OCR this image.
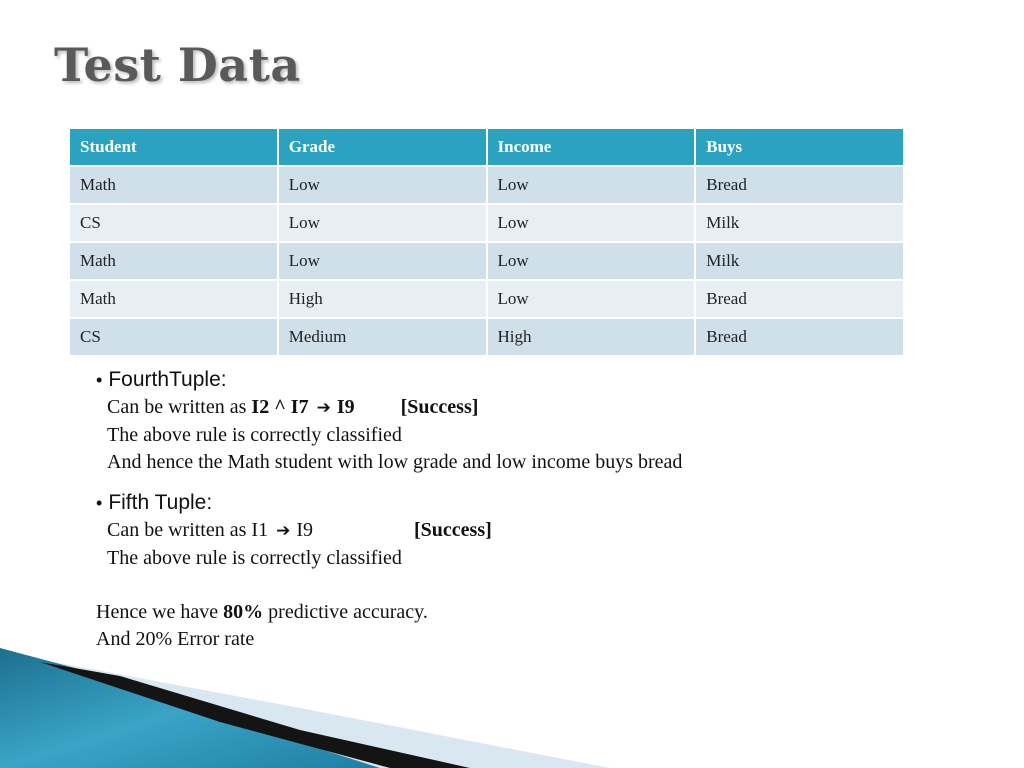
Test Data
Student	Grade	Income	Buys
Math	Low	Low	Bread
CS	Low	Low	Milk
Math	Low	Low	Milk
Math	High	Low	Bread
CS	Medium	High	Bread
• FourthTuple:
Can be written as I2 ^ I7 ➔ I9 [Success]
The above rule is correctly classified
And hence the Math student with low grade and low income buys bread
• Fifth Tuple:
Can be written as I1 ➔ I9	[Success]
The above rule is correctly classified
Hence we have 80% predictive accuracy.
And 20% Error rate
